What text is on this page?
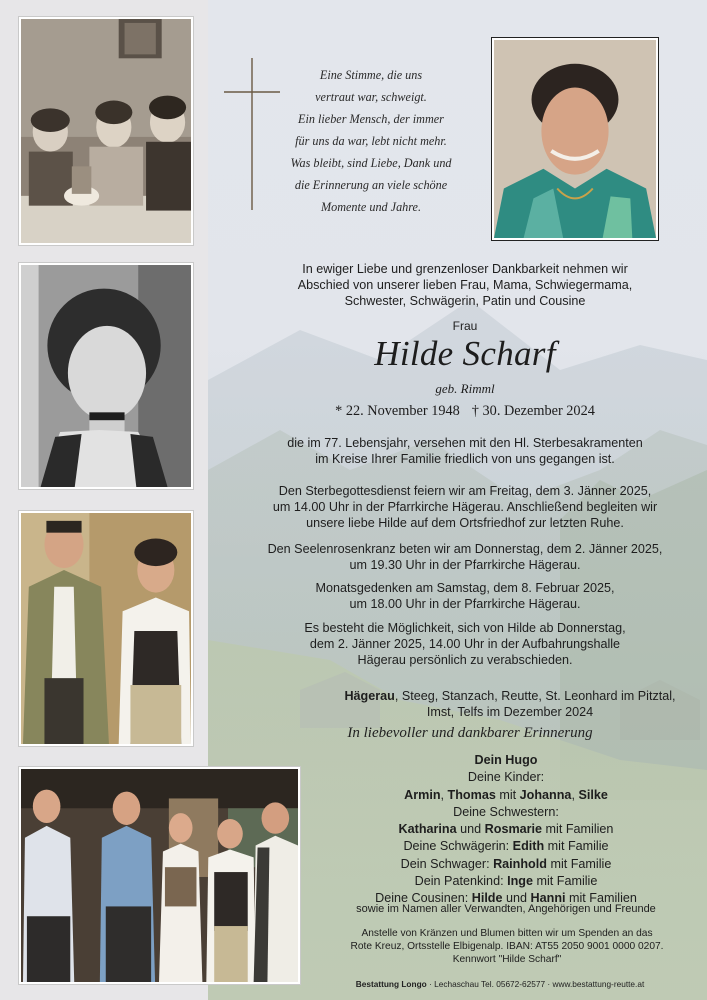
Eine Stimme, die uns
vertraut war, schweigt.
Ein lieber Mensch, der immer
für uns da war, lebt nicht mehr.
Was bleibt, sind Liebe, Dank und
die Erinnerung an viele schöne
Momente und Jahre.
In ewiger Liebe und grenzenloser Dankbarkeit nehmen wir
Abschied von unserer lieben Frau, Mama, Schwiegermama,
Schwester, Schwägerin, Patin und Cousine
Frau
Hilde Scharf
geb. Rimml
* 22. November 1948 † 30. Dezember 2024
die im 77. Lebensjahr, versehen mit den Hl. Sterbesakramenten
im Kreise Ihrer Familie friedlich von uns gegangen ist.
Den Sterbegottesdienst feiern wir am Freitag, dem 3. Jänner 2025,
um 14.00 Uhr in der Pfarrkirche Hägerau. Anschließend begleiten wir
unsere liebe Hilde auf dem Ortsfriedhof zur letzten Ruhe.
Den Seelenrosenkranz beten wir am Donnerstag, dem 2. Jänner 2025,
um 19.30 Uhr in der Pfarrkirche Hägerau.
Monatsgedenken am Samstag, dem 8. Februar 2025,
um 18.00 Uhr in der Pfarrkirche Hägerau.
Es besteht die Möglichkeit, sich von Hilde ab Donnerstag,
dem 2. Jänner 2025, 14.00 Uhr in der Aufbahrungshalle
Hägerau persönlich zu verabschieden.
Hägerau, Steeg, Stanzach, Reutte, St. Leonhard im Pitztal,
Imst, Telfs im Dezember 2024
In liebevoller und dankbarer Erinnerung
Dein Hugo
Deine Kinder:
Armin, Thomas mit Johanna, Silke
Deine Schwestern:
Katharina und Rosmarie mit Familien
Deine Schwägerin: Edith mit Familie
Dein Schwager: Rainhold mit Familie
Dein Patenkind: Inge mit Familie
Deine Cousinen: Hilde und Hanni mit Familien
sowie im Namen aller Verwandten, Angehörigen und Freunde
Anstelle von Kränzen und Blumen bitten wir um Spenden an das
Rote Kreuz, Ortsstelle Elbigenalp. IBAN: AT55 2050 9001 0000 0207.
Kennwort "Hilde Scharf"
Bestattung Longo · Lechaschau Tel. 05672-62577 · www.bestattung-reutte.at
